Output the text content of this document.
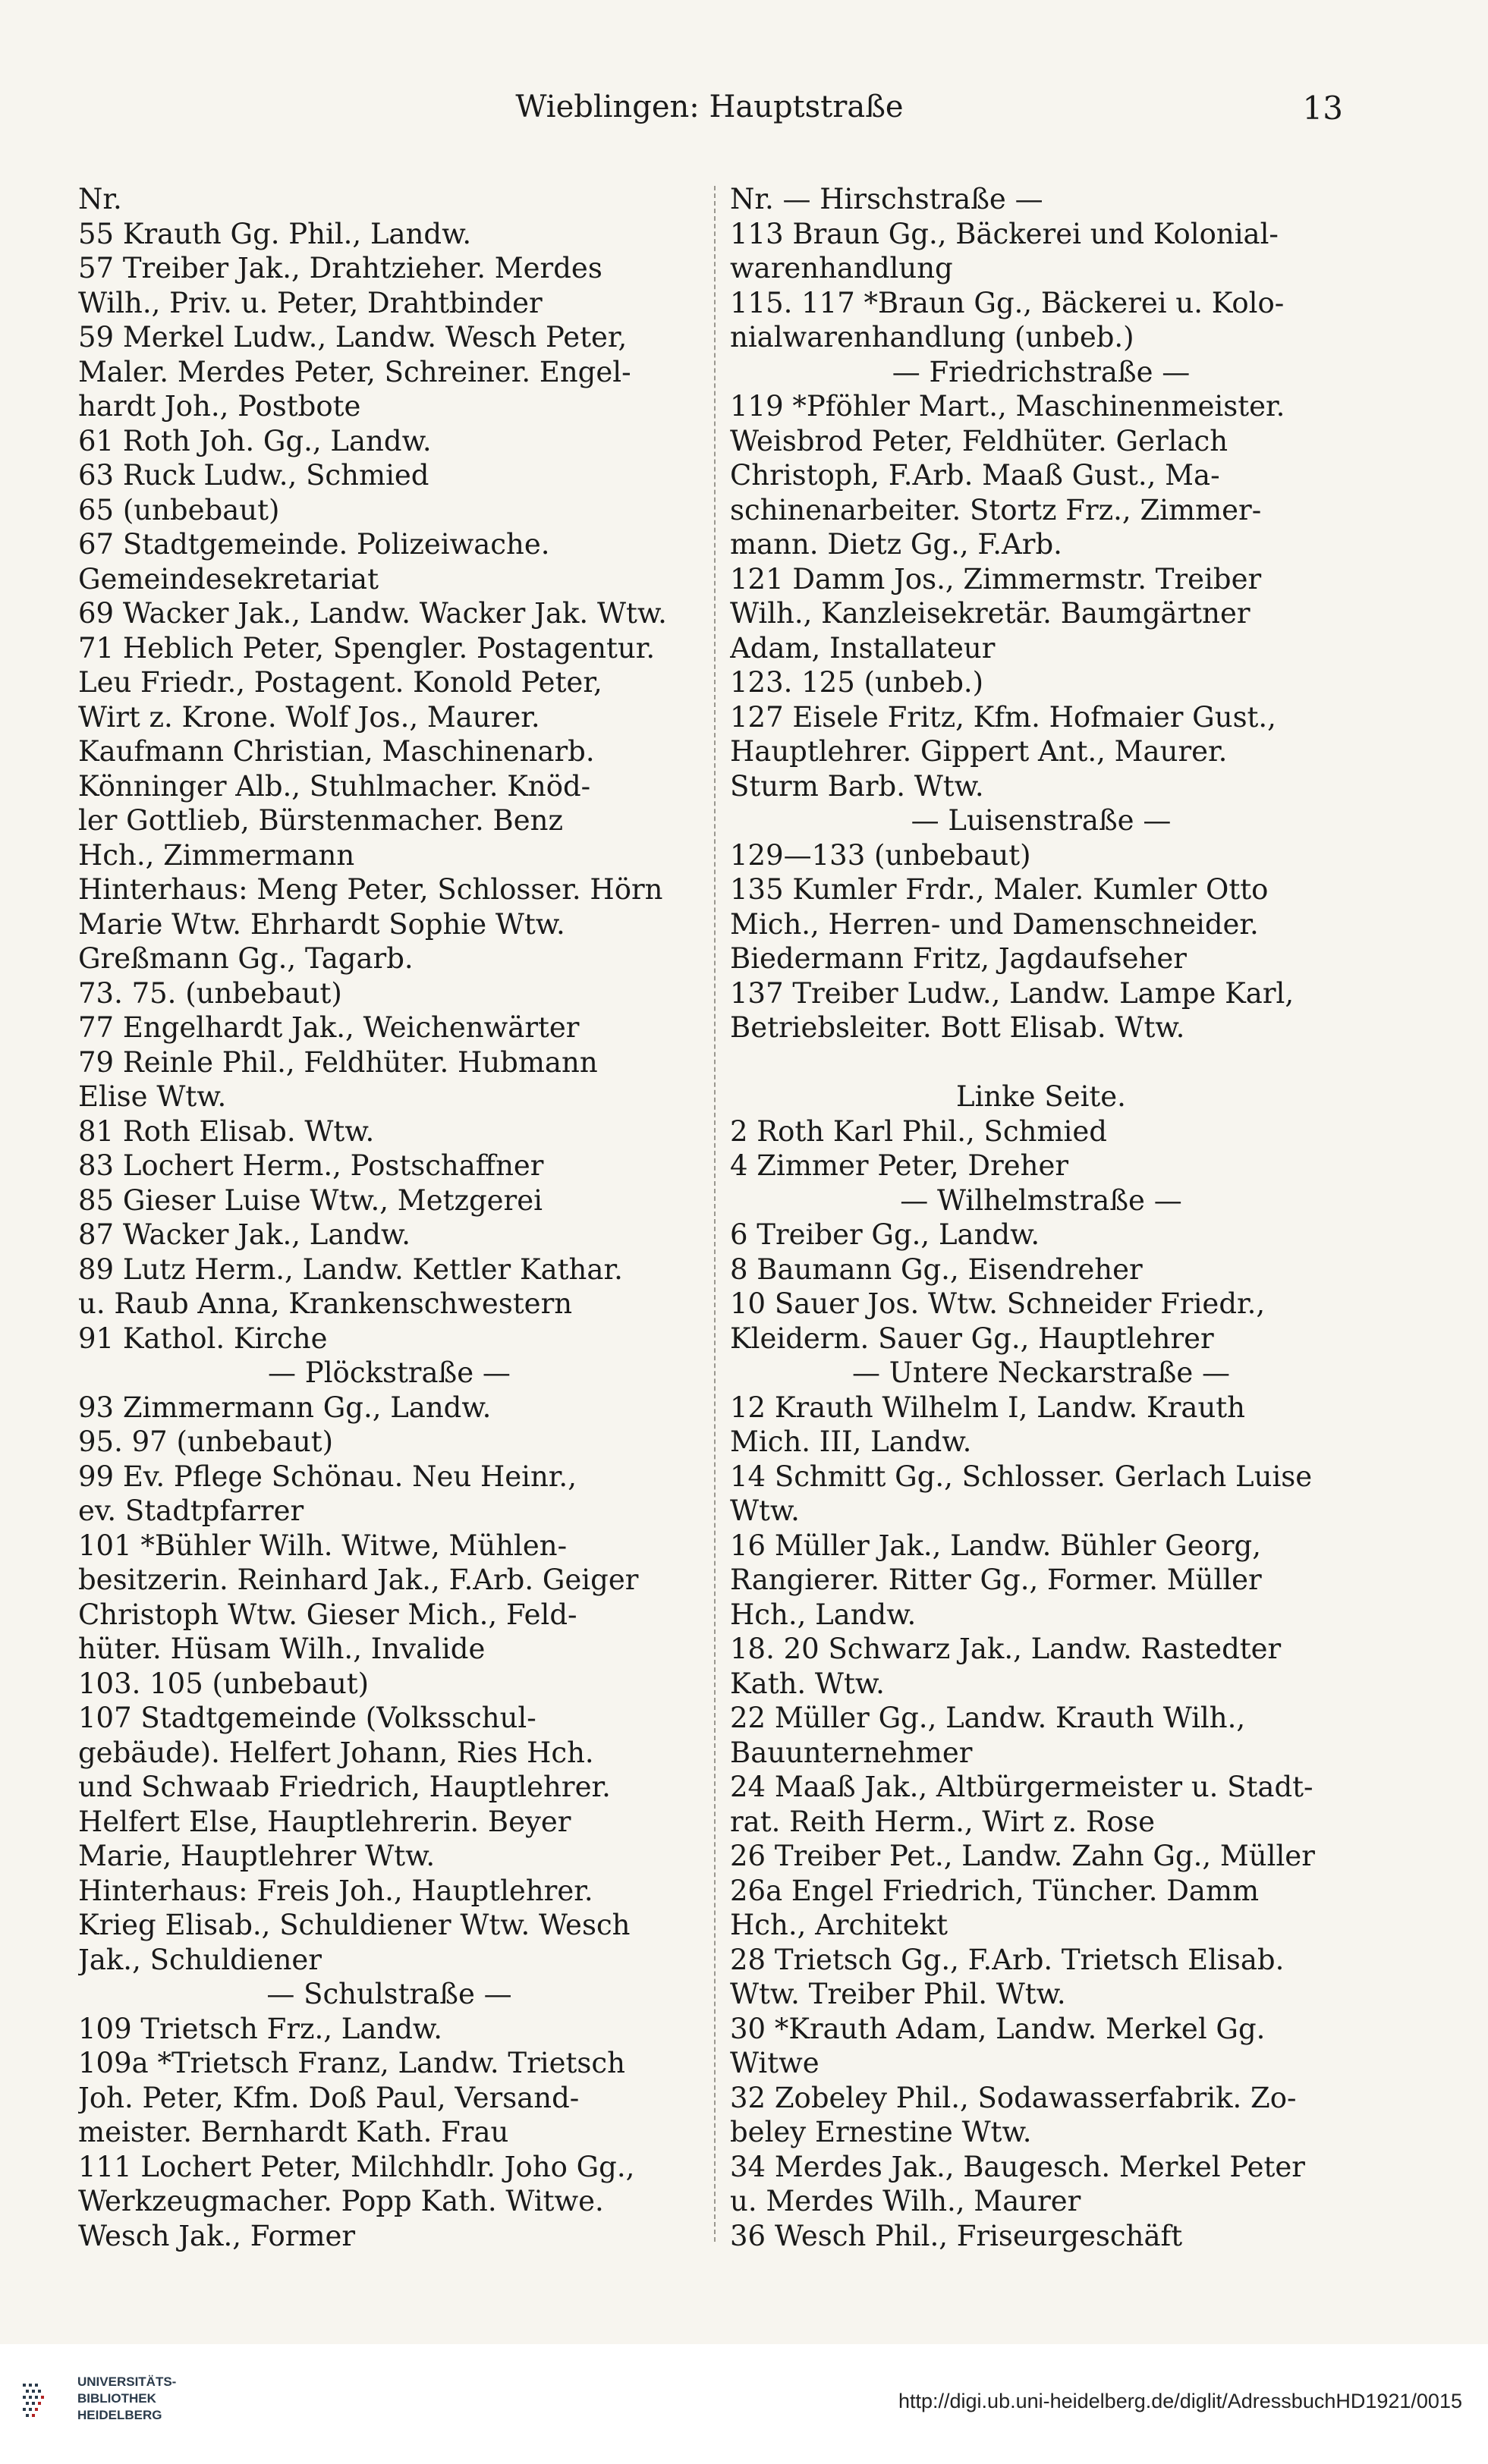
Wieblingen: Hauptstraße	13
Nr.
55 Krauth Gg. Phil., Landw.
57 Treiber Jak., Drahtzieher. Merdes
Wilh., Priv. u. Peter, Drahtbinder
59 Merkel Ludw., Landw. Wesch Peter,
Maler. Merdes Peter, Schreiner. Engel-
hardt Joh., Postbote
61 Roth Joh. Gg., Landw.
63 Ruck Ludw., Schmied
65 (unbebaut)
67 Stadtgemeinde. Polizeiwache.
Gemeindesekretariat
69 Wacker Jak., Landw. Wacker Jak. Wtw.
71 Heblich Peter, Spengler. Postagentur.
Leu Friedr., Postagent. Konold Peter,
Wirt z. Krone. Wolf Jos., Maurer.
Kaufmann Christian, Maschinenarb.
Könninger Alb., Stuhlmacher. Knöd-
ler Gottlieb, Bürstenmacher. Benz
Hch., Zimmermann
Hinterhaus: Meng Peter, Schlosser. Hörn
Marie Wtw. Ehrhardt Sophie Wtw.
Greßmann Gg., Tagarb.
73. 75. (unbebaut)
77 Engelhardt Jak., Weichenwärter
79 Reinle Phil., Feldhüter. Hubmann
Elise Wtw.
81 Roth Elisab. Wtw.
83 Lochert Herm., Postschaffner
85 Gieser Luise Wtw., Metzgerei
87 Wacker Jak., Landw.
89 Lutz Herm., Landw. Kettler Kathar.
u. Raub Anna, Krankenschwestern
91 Kathol. Kirche
— Plöckstraße —
93 Zimmermann Gg., Landw.
95. 97 (unbebaut)
99 Ev. Pflege Schönau. Neu Heinr.,
ev. Stadtpfarrer
101 *Bühler Wilh. Witwe, Mühlen-
besitzerin. Reinhard Jak., F.Arb. Geiger
Christoph Wtw. Gieser Mich., Feld-
hüter. Hüsam Wilh., Invalide
103. 105 (unbebaut)
107 Stadtgemeinde (Volksschul-
gebäude). Helfert Johann, Ries Hch.
und Schwaab Friedrich, Hauptlehrer.
Helfert Else, Hauptlehrerin. Beyer
Marie, Hauptlehrer Wtw.
Hinterhaus: Freis Joh., Hauptlehrer.
Krieg Elisab., Schuldiener Wtw. Wesch
Jak., Schuldiener
— Schulstraße —
109 Trietsch Frz., Landw.
109a *Trietsch Franz, Landw. Trietsch
Joh. Peter, Kfm. Doß Paul, Versand-
meister. Bernhardt Kath. Frau
111 Lochert Peter, Milchhdlr. Joho Gg.,
Werkzeugmacher. Popp Kath. Witwe.
Wesch Jak., Former
Nr. — Hirschstraße —
113 Braun Gg., Bäckerei und Kolonial-
warenhandlung
115. 117 *Braun Gg., Bäckerei u. Kolo-
nialwarenhandlung (unbeb.)
— Friedrichstraße —
119 *Pföhler Mart., Maschinenmeister.
Weisbrod Peter, Feldhüter. Gerlach
Christoph, F.Arb. Maaß Gust., Ma-
schinenarbeiter. Stortz Frz., Zimmer-
mann. Dietz Gg., F.Arb.
121 Damm Jos., Zimmermstr. Treiber
Wilh., Kanzleisekretär. Baumgärtner
Adam, Installateur
123. 125 (unbeb.)
127 Eisele Fritz, Kfm. Hofmaier Gust.,
Hauptlehrer. Gippert Ant., Maurer.
Sturm Barb. Wtw.
— Luisenstraße —
129—133 (unbebaut)
135 Kumler Frdr., Maler. Kumler Otto
Mich., Herren- und Damenschneider.
Biedermann Fritz, Jagdaufseher
137 Treiber Ludw., Landw. Lampe Karl,
Betriebsleiter. Bott Elisab. Wtw.
Linke Seite.
2 Roth Karl Phil., Schmied
4 Zimmer Peter, Dreher
— Wilhelmstraße —
6 Treiber Gg., Landw.
8 Baumann Gg., Eisendreher
10 Sauer Jos. Wtw. Schneider Friedr.,
Kleiderm. Sauer Gg., Hauptlehrer
— Untere Neckarstraße —
12 Krauth Wilhelm I, Landw. Krauth
Mich. III, Landw.
14 Schmitt Gg., Schlosser. Gerlach Luise
Wtw.
16 Müller Jak., Landw. Bühler Georg,
Rangierer. Ritter Gg., Former. Müller
Hch., Landw.
18. 20 Schwarz Jak., Landw. Rastedter
Kath. Wtw.
22 Müller Gg., Landw. Krauth Wilh.,
Bauunternehmer
24 Maaß Jak., Altbürgermeister u. Stadt-
rat. Reith Herm., Wirt z. Rose
26 Treiber Pet., Landw. Zahn Gg., Müller
26a Engel Friedrich, Tüncher. Damm
Hch., Architekt
28 Trietsch Gg., F.Arb. Trietsch Elisab.
Wtw. Treiber Phil. Wtw.
30 *Krauth Adam, Landw. Merkel Gg.
Witwe
32 Zobeley Phil., Sodawasserfabrik. Zo-
beley Ernestine Wtw.
34 Merdes Jak., Baugesch. Merkel Peter
u. Merdes Wilh., Maurer
36 Wesch Phil., Friseurgeschäft
UNIVERSITÄTS-
BIBLIOTHEK
HEIDELBERG
http://digi.ub.uni-heidelberg.de/diglit/AdressbuchHD1921/0015
